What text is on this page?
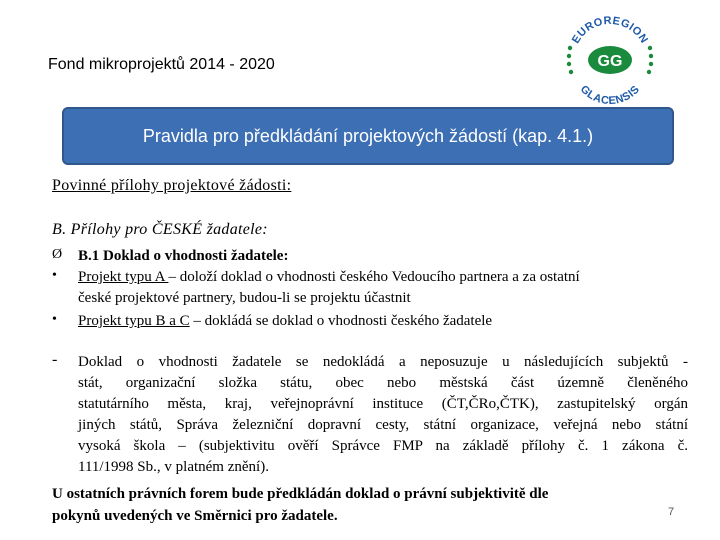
Fond mikroprojektů 2014 - 2020
EUROREGION
GLACENSIS
GG
Pravidla pro předkládání projektových žádostí (kap. 4.1.)
Povinné přílohy projektové žádosti:
B. Přílohy pro ČESKÉ žadatele:
Ø B.1 Doklad o vhodnosti žadatele:
• Projekt typu A – doloží doklad o vhodnosti českého Vedoucího partnera a za ostatní
české projektové partnery, budou-li se projektu účastnit
• Projekt typu B a C – dokládá se doklad o vhodnosti českého žadatele
- Doklad o vhodnosti žadatele se nedokládá a neposuzuje u následujících subjektů -
stát, organizační složka státu, obec nebo městská část územně členěného
statutárního města, kraj, veřejnoprávní instituce (ČT,ČRo,ČTK), zastupitelský orgán
jiných států, Správa železniční dopravní cesty, státní organizace, veřejná nebo státní
vysoká škola – (subjektivitu ověří Správce FMP na základě přílohy č. 1 zákona č.
111/1998 Sb., v platném znění).
U ostatních právních forem bude předkládán doklad o právní subjektivitě dle
pokynů uvedených ve Směrnici pro žadatele.	7
